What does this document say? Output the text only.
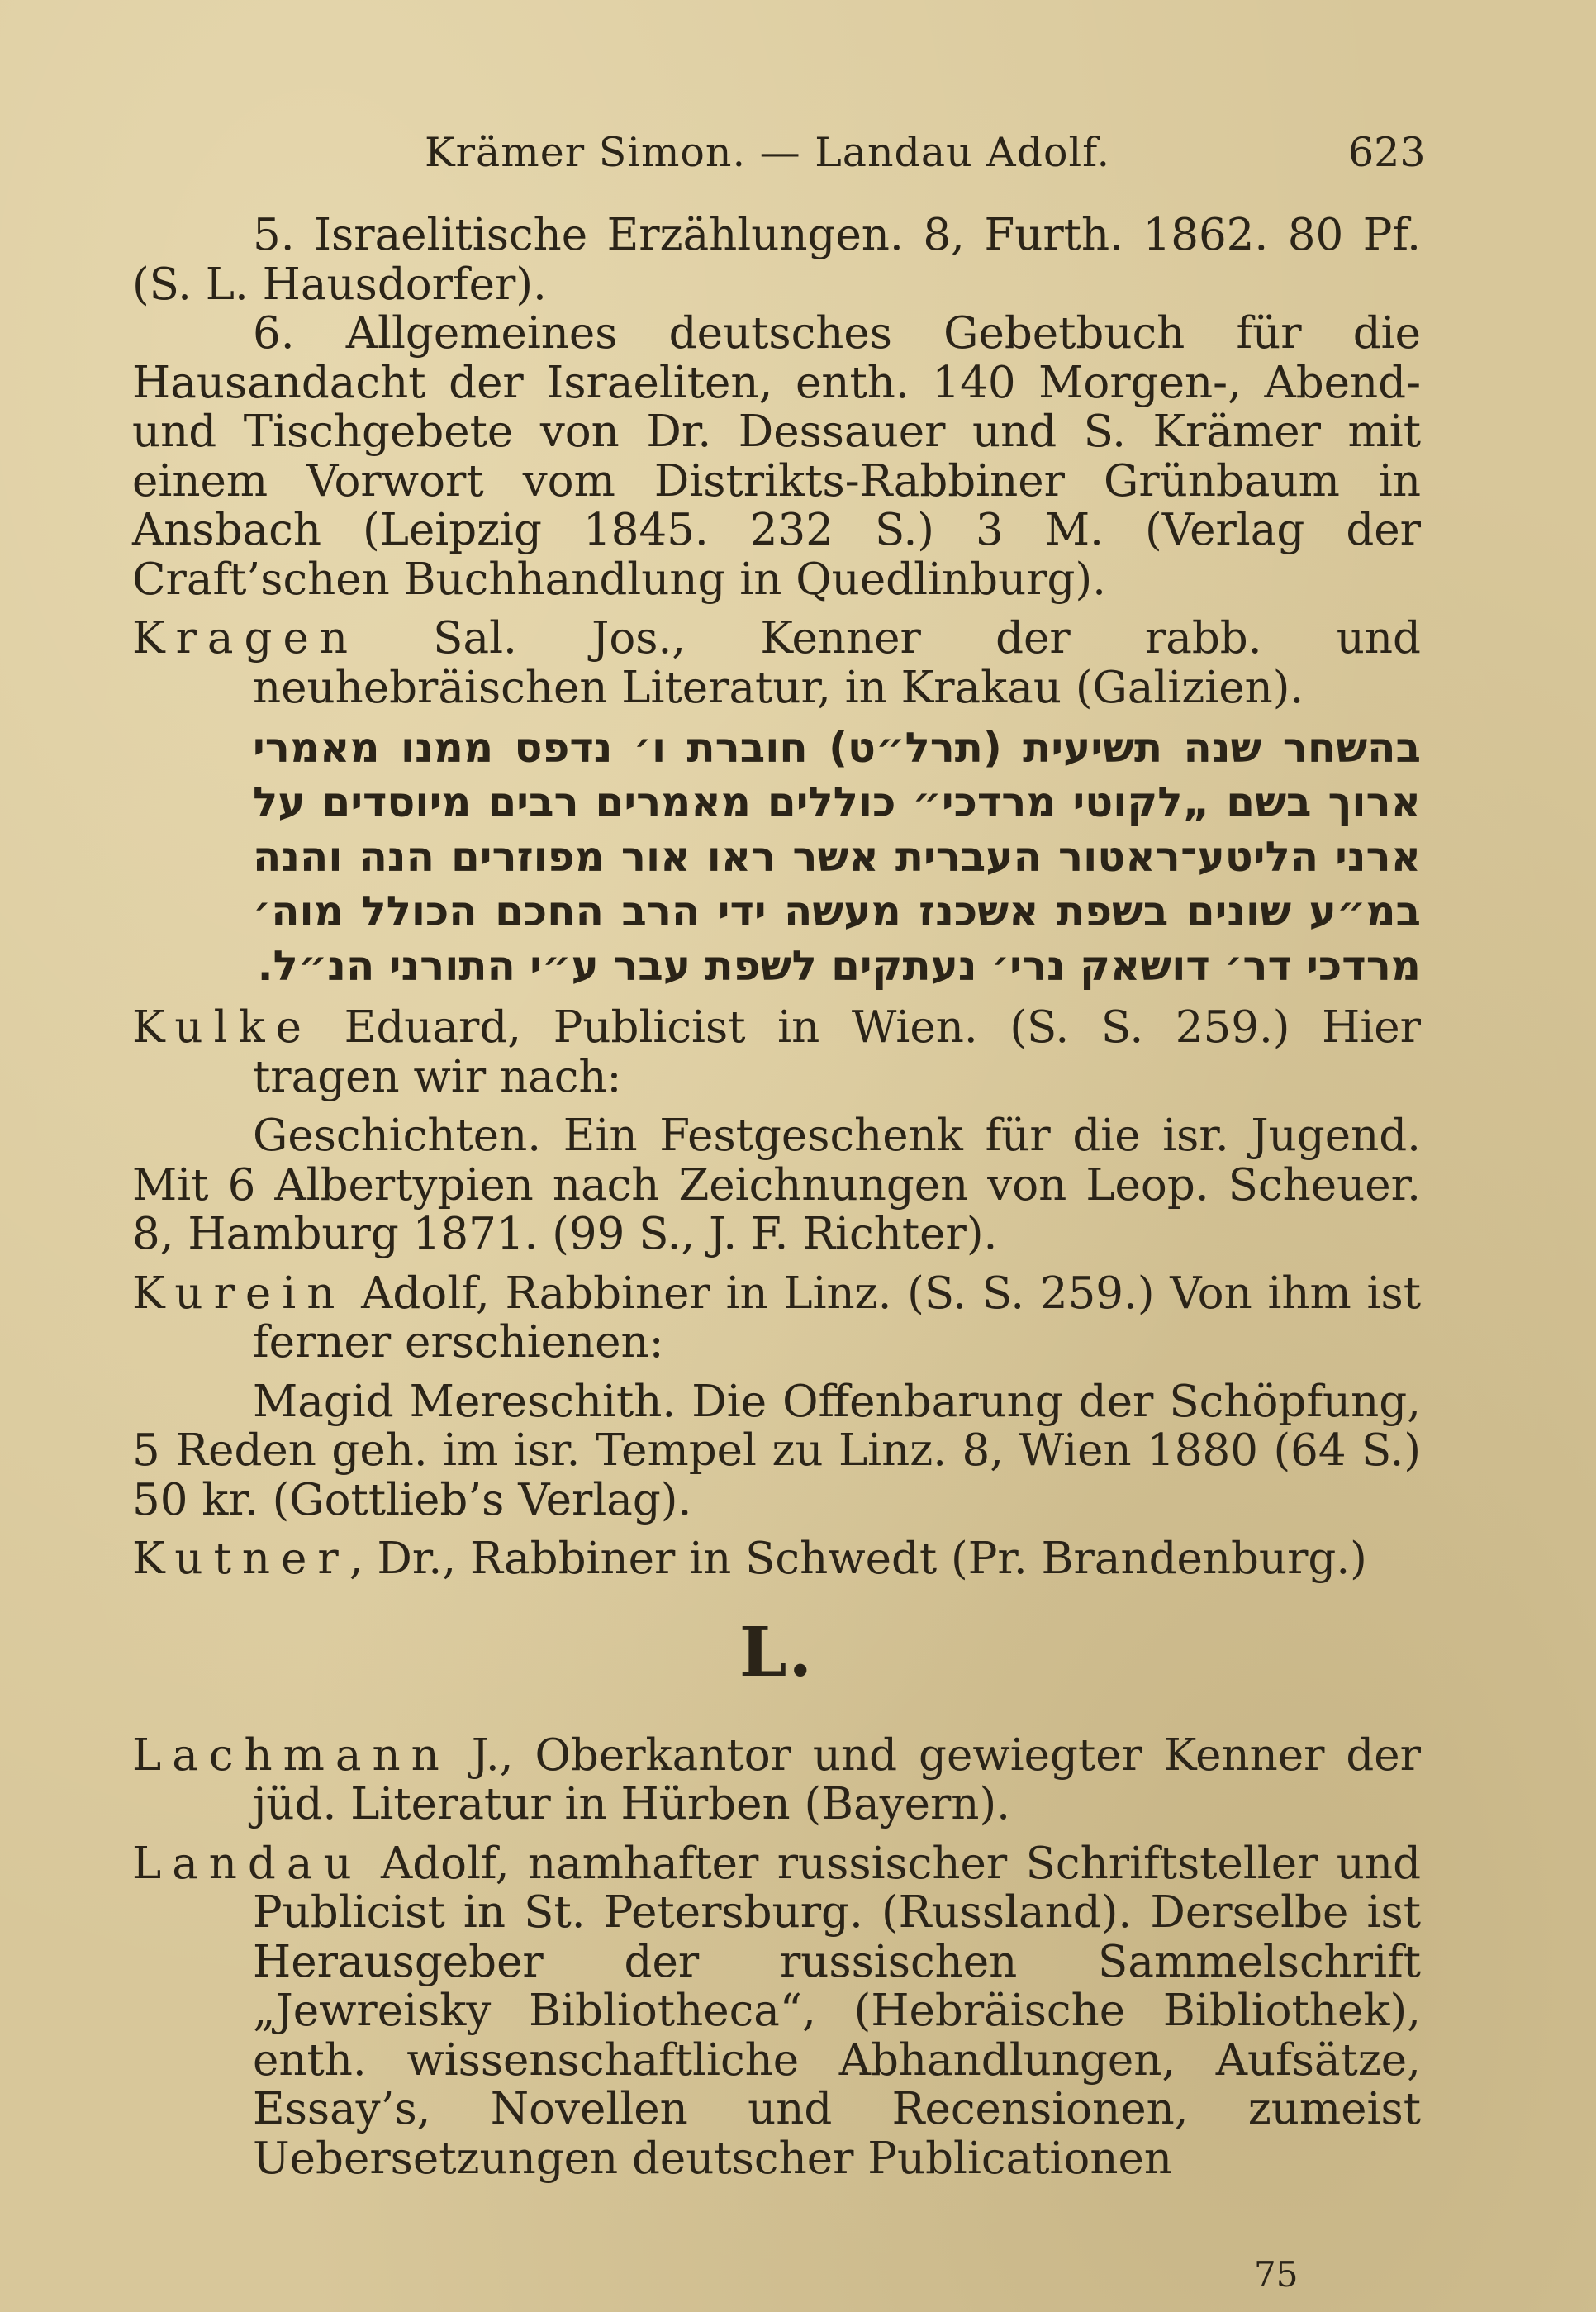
Krämer Simon. — Landau Adolf.	623

5. Israelitische Erzählungen. 8, Furth. 1862. 80 Pf. (S. L. Hausdorfer).

6. Allgemeines deutsches Gebetbuch für die Hausandacht der Israeliten, enth. 140 Morgen-, Abend- und Tischgebete von Dr. Dessauer und S. Krämer mit einem Vorwort vom Distrikts-Rabbiner Grünbaum in Ansbach (Leipzig 1845. 232 S.) 3 M. (Verlag der Craft’schen Buchhandlung in Quedlinburg).

Kragen Sal. Jos., Kenner der rabb. und neuhebräischen Literatur, in Krakau (Galizien).

בהשחר שנה תשיעית (תרל״ט) חוברת ו׳ נדפס ממנו מאמרי ארוך בשם „לקוטי מרדכי״ כוללים מאמרים רבים מיוסדים על ארני הליטע־ראטור העברית אשר ראו אור מפוזרים הנה והנה במ״ע שונים בשפת אשכנז מעשה ידי הרב החכם הכולל מוה׳ מרדכי דר׳ דושאק נרי׳ נעתקים לשפת עבר ע״י התורני הנ״ל.

Kulke Eduard, Publicist in Wien. (S. S. 259.) Hier tragen wir nach:

Geschichten. Ein Festgeschenk für die isr. Jugend. Mit 6 Albertypien nach Zeichnungen von Leop. Scheuer. 8, Hamburg 1871. (99 S., J. F. Richter).

Kurein Adolf, Rabbiner in Linz. (S. S. 259.) Von ihm ist ferner erschienen:

Magid Mereschith. Die Offenbarung der Schöpfung, 5 Reden geh. im isr. Tempel zu Linz. 8, Wien 1880 (64 S.) 50 kr. (Gottlieb’s Verlag).

Kutner, Dr., Rabbiner in Schwedt (Pr. Brandenburg.)

L.

Lachmann J., Oberkantor und gewiegter Kenner der jüd. Literatur in Hürben (Bayern).

Landau Adolf, namhafter russischer Schriftsteller und Publicist in St. Petersburg. (Russland). Derselbe ist Herausgeber der russischen Sammelschrift „Jewreisky Bibliotheca“, (Hebräische Bibliothek), enth. wissenschaftliche Abhandlungen, Aufsätze, Essay’s, Novellen und Recensionen, zumeist Uebersetzungen deutscher Publicationen

75
